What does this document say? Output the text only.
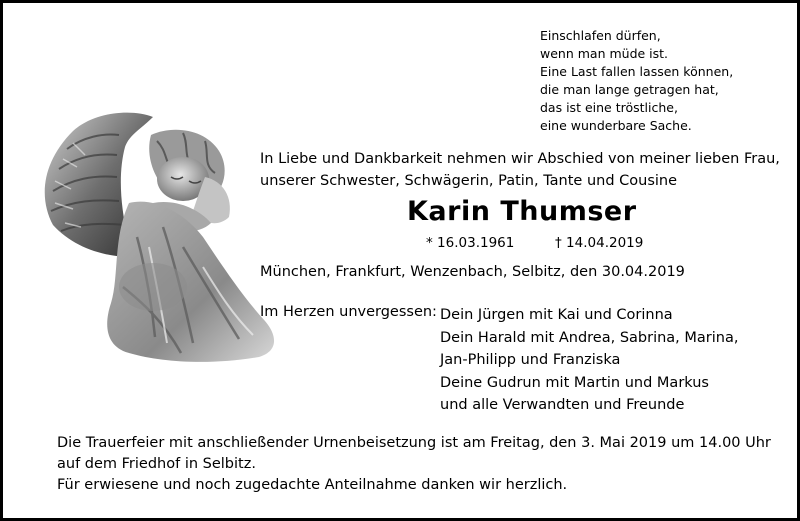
Einschlafen dürfen,
wenn man müde ist.
Eine Last fallen lassen können,
die man lange getragen hat,
das ist eine tröstliche,
eine wunderbare Sache.
In Liebe und Dankbarkeit nehmen wir Abschied von meiner lieben Frau,
unserer Schwester, Schwägerin, Patin, Tante und Cousine
Karin Thumser
* 16.03.1961	† 14.04.2019
München, Frankfurt, Wenzenbach, Selbitz, den 30.04.2019
Im Herzen unvergessen: Dein Jürgen mit Kai und Corinna
Dein Harald mit Andrea, Sabrina, Marina,
Jan-Philipp und Franziska
Deine Gudrun mit Martin und Markus
und alle Verwandten und Freunde
Die Trauerfeier mit anschließender Urnenbeisetzung ist am Freitag, den 3. Mai 2019 um 14.00 Uhr
auf dem Friedhof in Selbitz.
Für erwiesene und noch zugedachte Anteilnahme danken wir herzlich.
